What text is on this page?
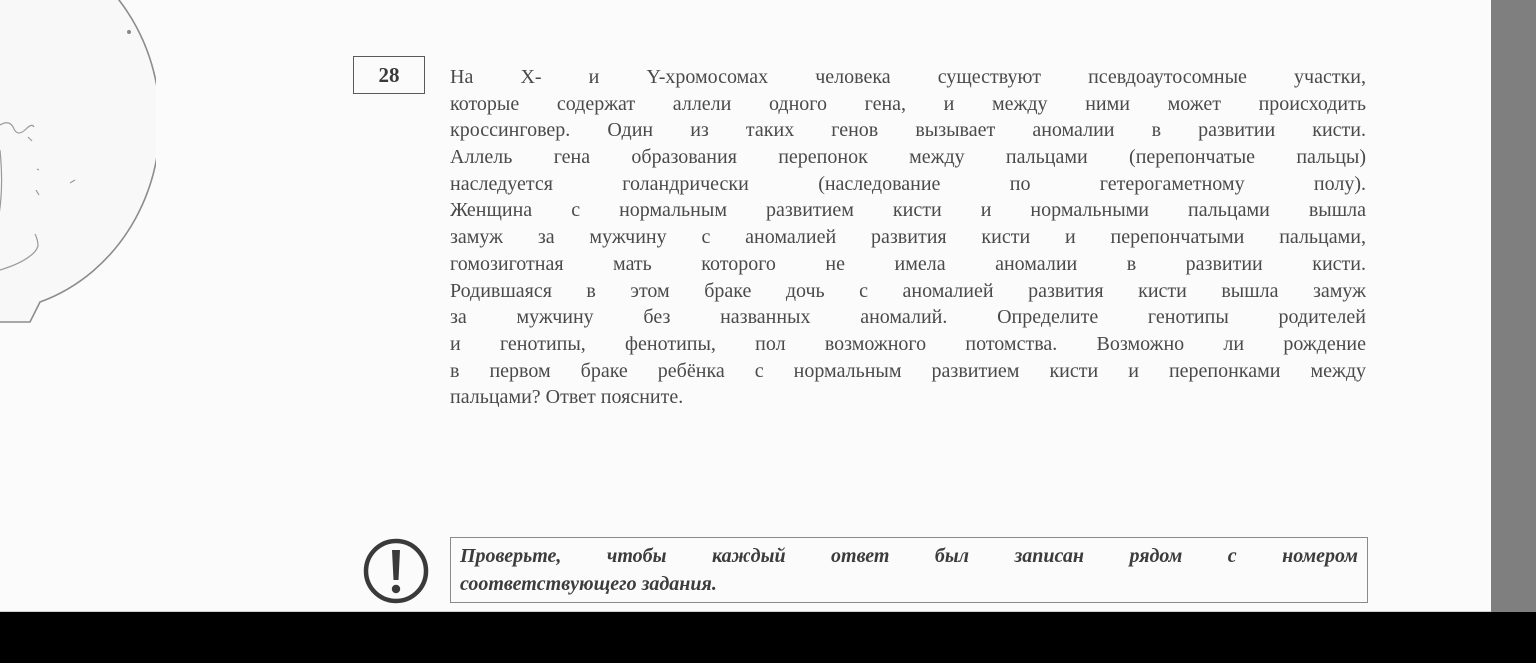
28	На X- и Y-хромосомах человека существуют псевдоаутосомные участки,
которые содержат аллели одного гена, и между ними может происходить
кроссинговер. Один из таких генов вызывает аномалии в развитии кисти.
Аллель гена образования перепонок между пальцами (перепончатые пальцы)
наследуется голандрически (наследование по гетерогаметному полу).
Женщина с нормальным развитием кисти и нормальными пальцами вышла
замуж за мужчину с аномалией развития кисти и перепончатыми пальцами,
гомозиготная мать которого не имела аномалии в развитии кисти.
Родившаяся в этом браке дочь с аномалией развития кисти вышла замуж
за мужчину без названных аномалий. Определите генотипы родителей
и генотипы, фенотипы, пол возможного потомства. Возможно ли рождение
в первом браке ребёнка с нормальным развитием кисти и перепонками между
пальцами? Ответ поясните.
Проверьте, чтобы каждый ответ был записан рядом с номером
соответствующего задания.
